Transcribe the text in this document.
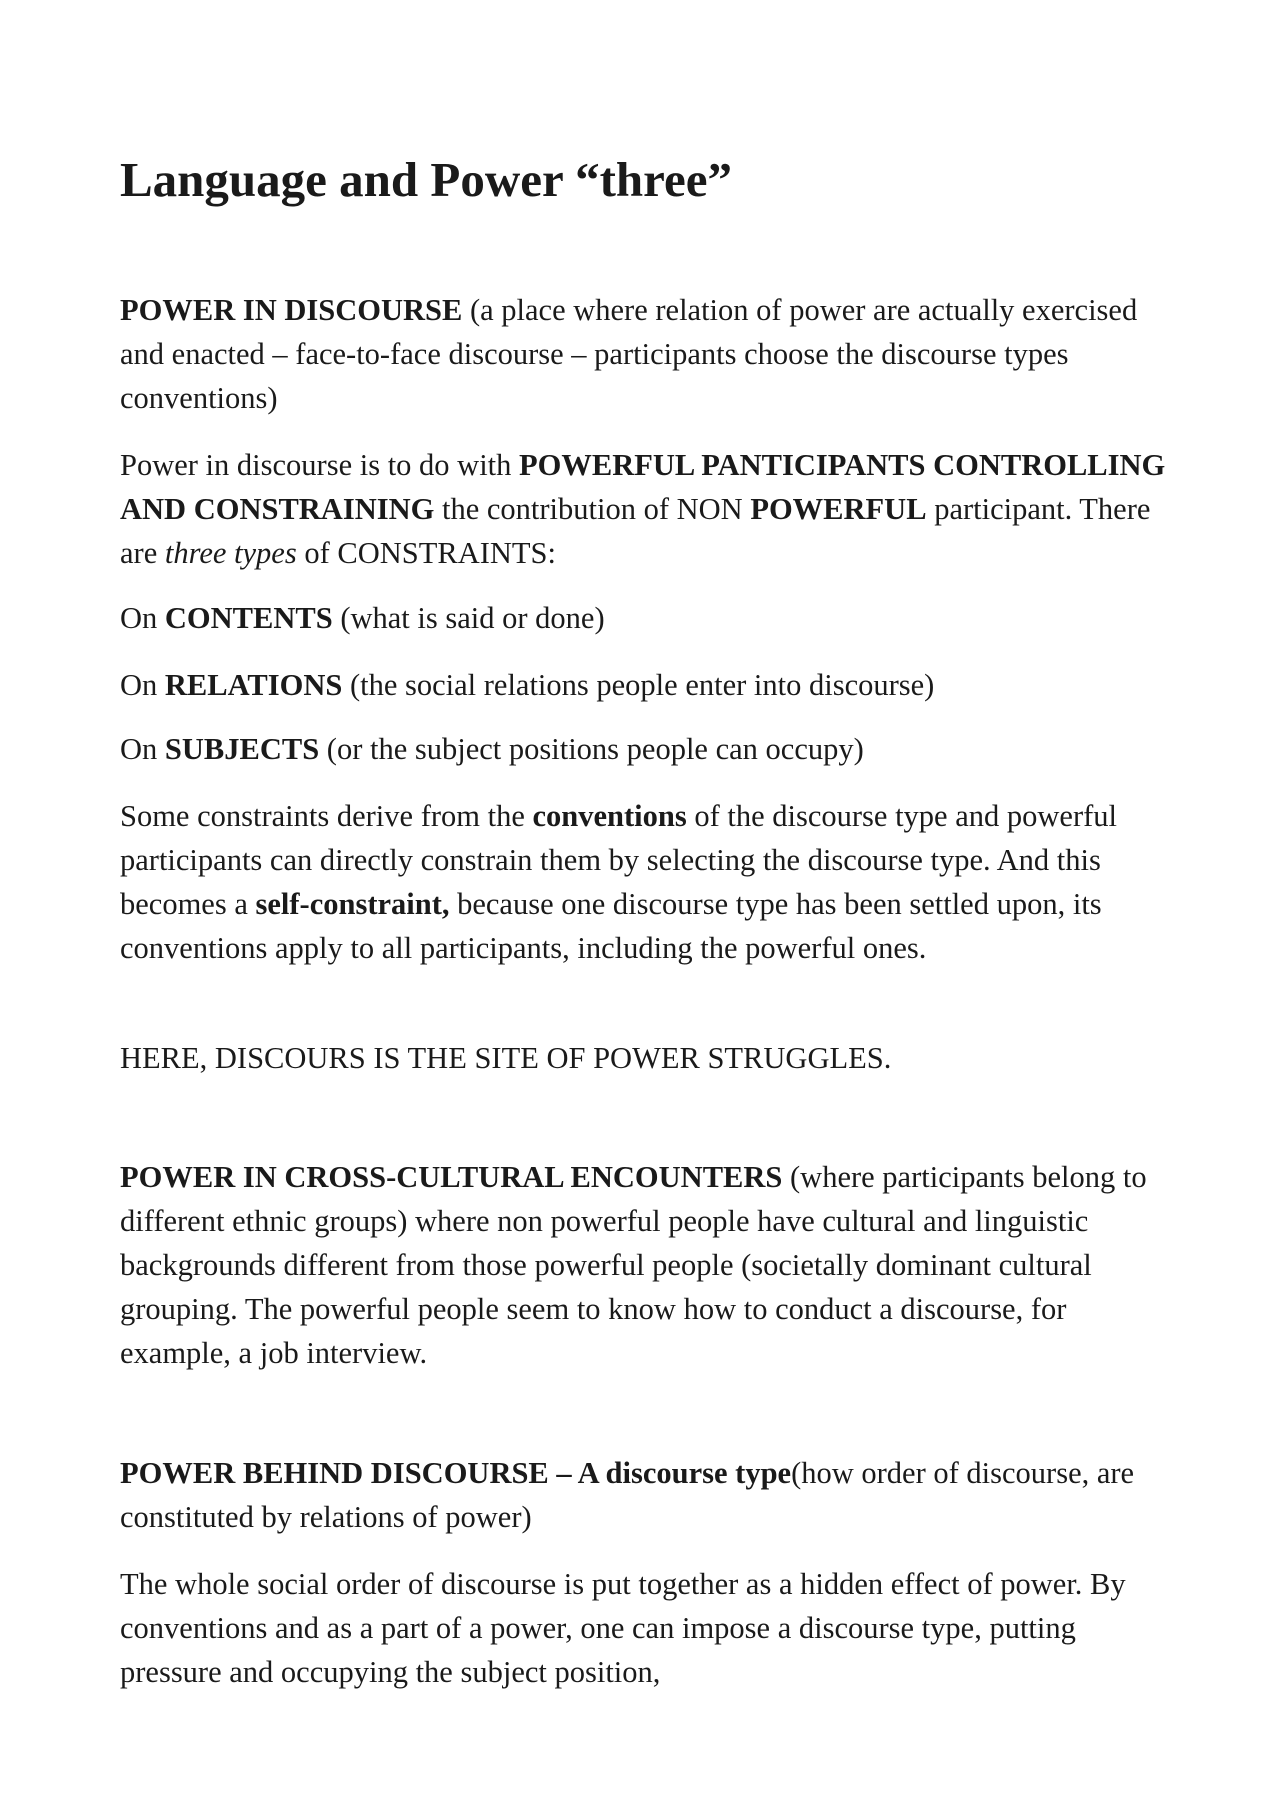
Language and Power “three”

POWER IN DISCOURSE (a place where relation of power are actually exercised and enacted – face-to-face discourse – participants choose the discourse types conventions)

Power in discourse is to do with POWERFUL PANTICIPANTS CONTROLLING AND CONSTRAINING the contribution of NON POWERFUL participant. There are three types of CONSTRAINTS:

On CONTENTS (what is said or done)

On RELATIONS (the social relations people enter into discourse)

On SUBJECTS (or the subject positions people can occupy)

Some constraints derive from the conventions of the discourse type and powerful participants can directly constrain them by selecting the discourse type. And this becomes a self-constraint, because one discourse type has been settled upon, its conventions apply to all participants, including the powerful ones.

HERE, DISCOURS IS THE SITE OF POWER STRUGGLES.

POWER IN CROSS-CULTURAL ENCOUNTERS (where participants belong to different ethnic groups) where non powerful people have cultural and linguistic backgrounds different from those powerful people (societally dominant cultural grouping. The powerful people seem to know how to conduct a discourse, for example, a job interview.

POWER BEHIND DISCOURSE – A discourse type(how order of discourse, are constituted by relations of power)

The whole social order of discourse is put together as a hidden effect of power. By conventions and as a part of a power, one can impose a discourse type, putting pressure and occupying the subject position,
